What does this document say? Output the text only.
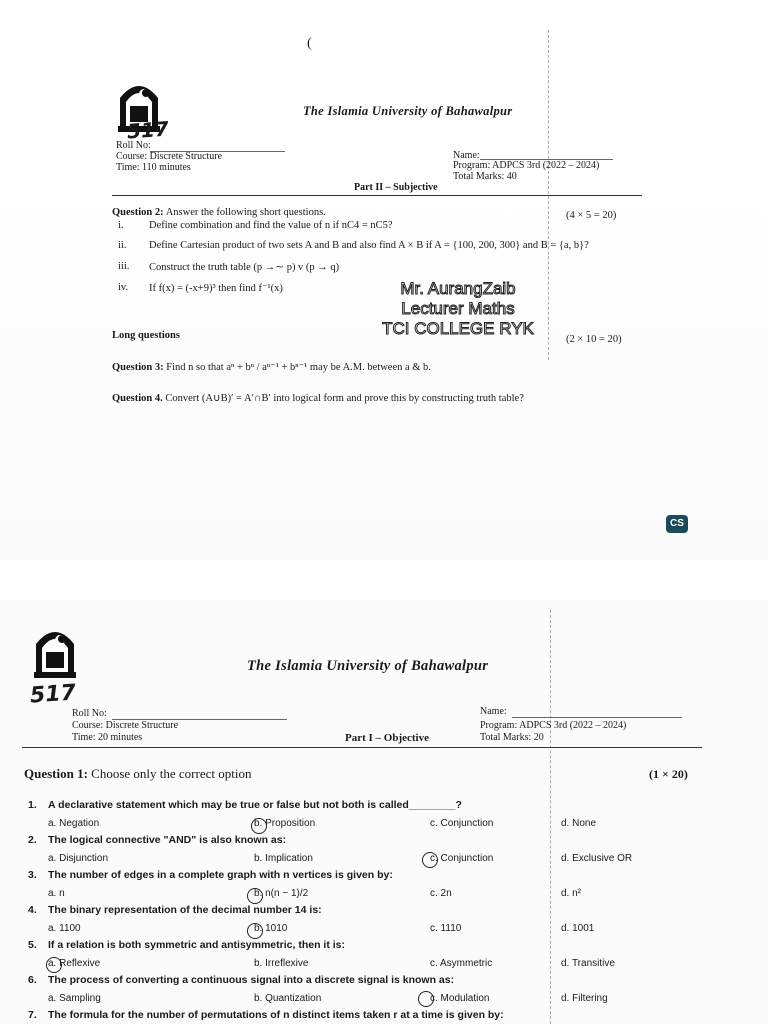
(
517
The Islamia University of Bahawalpur
Roll No:
Course: Discrete Structure
Time: 110 minutes
Name:
Program: ADPCS 3rd (2022 – 2024)
Total Marks: 40
Part II – Subjective
Question 2: Answer the following short questions.	(4 × 5 = 20)
i. Define combination and find the value of n if nC4 = nC5?
ii. Define Cartesian product of two sets A and B and also find A × B if A = {100, 200, 300} and B = {a, b}?
iii. Construct the truth table (p →∼ p) v (p → q)
iv. If f(x) = (-x+9)³ then find f⁻¹(x)	Mr. AurangZaib
Lecturer Maths
TCI COLLEGE RYK
Long questions	(2 × 10 = 20)
Question 3: Find n so that aⁿ + bⁿ / aⁿ⁻¹ + bⁿ⁻¹ may be A.M. between a & b.
Question 4. Convert (A∪B)′ = A′∩B′ into logical form and prove this by constructing truth table?
CS
517
The Islamia University of Bahawalpur
Roll No:
Course: Discrete Structure
Time: 20 minutes	Part I – Objective
Name:
Program: ADPCS 3rd (2022 – 2024)
Total Marks: 20
Question 1: Choose only the correct option	(1 × 20)
1. A declarative statement which may be true or false but not both is called________?
a. Negation	b. Proposition	c. Conjunction	d. None
2. The logical connective "AND" is also known as:
a. Disjunction	b. Implication	c. Conjunction	d. Exclusive OR
3. The number of edges in a complete graph with n vertices is given by:
a. n	b. n(n − 1)/2	c. 2n	d. n²
4. The binary representation of the decimal number 14 is:
a. 1100	b. 1010	c. 1110	d. 1001
5. If a relation is both symmetric and antisymmetric, then it is:
a. Reflexive	b. Irreflexive	c. Asymmetric	d. Transitive
6. The process of converting a continuous signal into a discrete signal is known as:
a. Sampling	b. Quantization	c. Modulation	d. Filtering
7. The formula for the number of permutations of n distinct items taken r at a time is given by:
